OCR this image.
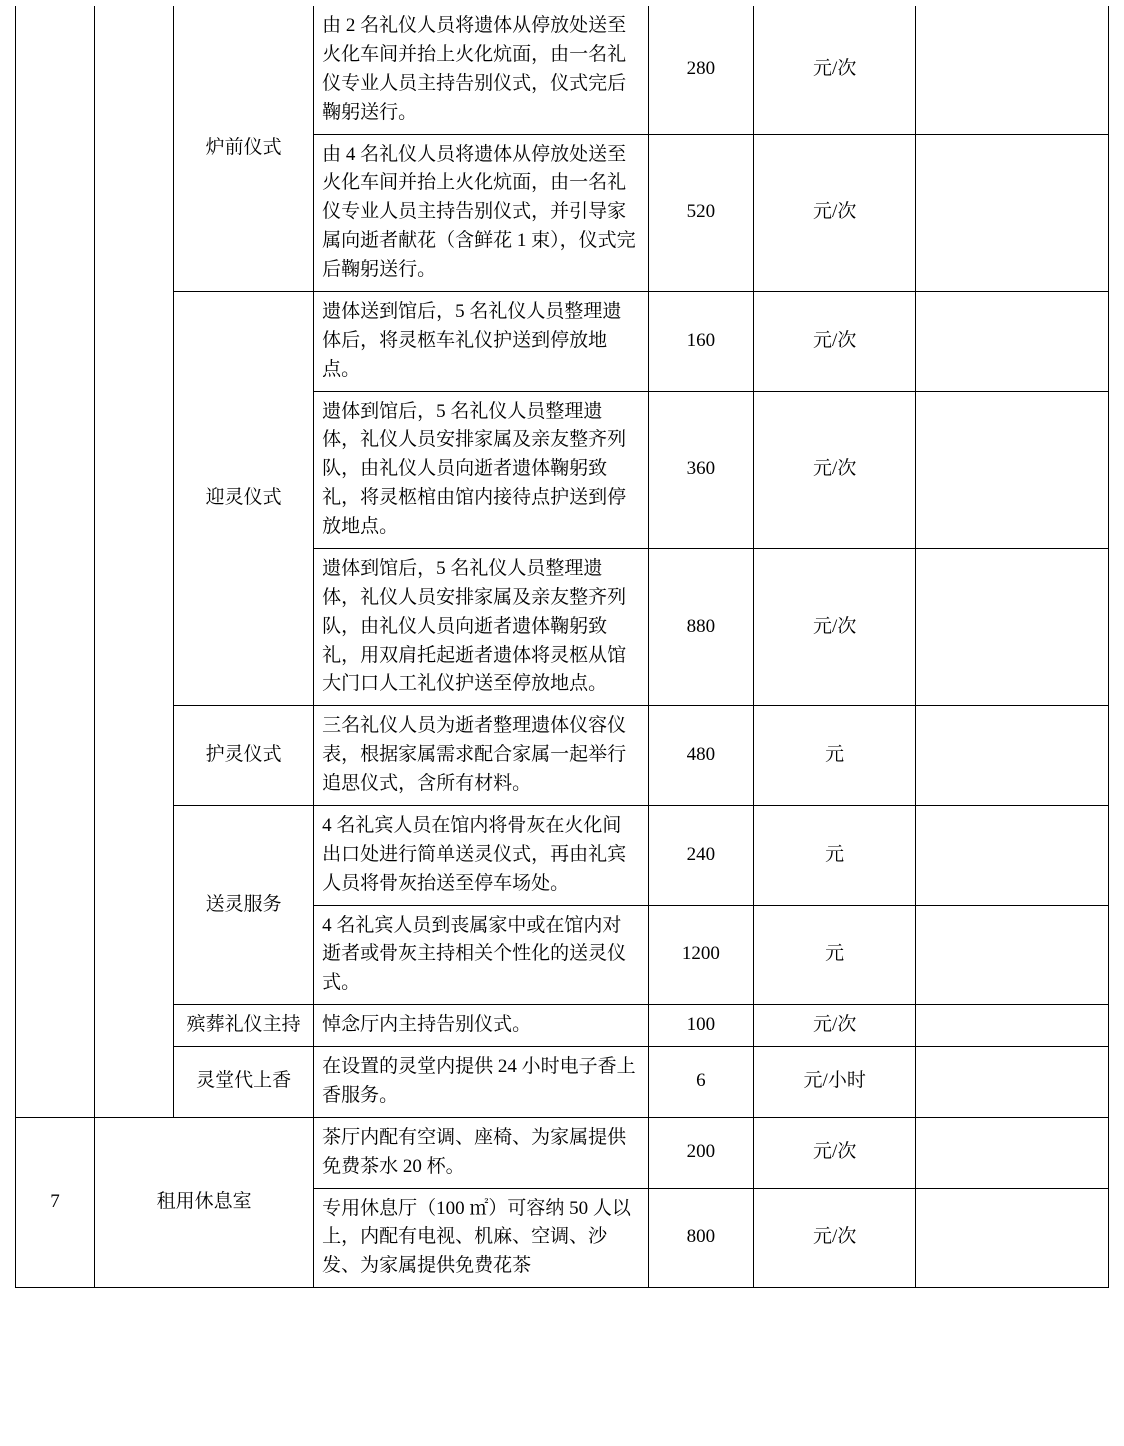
		炉前仪式	由 2 名礼仪人员将遗体从停放处送至火化车间并抬上火化炕面，由一名礼仪专业人员主持告别仪式，仪式完后鞠躬送行。	280	元/次	
			由 4 名礼仪人员将遗体从停放处送至火化车间并抬上火化炕面，由一名礼仪专业人员主持告别仪式，并引导家属向逝者献花（含鲜花 1 束），仪式完后鞠躬送行。	520	元/次	
		迎灵仪式	遗体送到馆后，5 名礼仪人员整理遗体后，将灵柩车礼仪护送到停放地点。	160	元/次	
			遗体到馆后，5 名礼仪人员整理遗体，礼仪人员安排家属及亲友整齐列队，由礼仪人员向逝者遗体鞠躬致礼，将灵柩棺由馆内接待点护送到停放地点。	360	元/次	
			遗体到馆后，5 名礼仪人员整理遗体，礼仪人员安排家属及亲友整齐列队，由礼仪人员向逝者遗体鞠躬致礼，用双肩托起逝者遗体将灵柩从馆大门口人工礼仪护送至停放地点。	880	元/次	
		护灵仪式	三名礼仪人员为逝者整理遗体仪容仪表，根据家属需求配合家属一起举行追思仪式，含所有材料。	480	元	
		送灵服务	4 名礼宾人员在馆内将骨灰在火化间出口处进行简单送灵仪式，再由礼宾人员将骨灰抬送至停车场处。	240	元	
			4 名礼宾人员到丧属家中或在馆内对逝者或骨灰主持相关个性化的送灵仪式。	1200	元	
		殡葬礼仪主持	悼念厅内主持告别仪式。	100	元/次	
		灵堂代上香	在设置的灵堂内提供 24 小时电子香上香服务。	6	元/小时	
7	租用休息室		茶厅内配有空调、座椅、为家属提供免费茶水 20 杯。	200	元/次	
			专用休息厅（100 ㎡）可容纳 50 人以上，内配有电视、机麻、空调、沙发、为家属提供免费花茶	800	元/次	
